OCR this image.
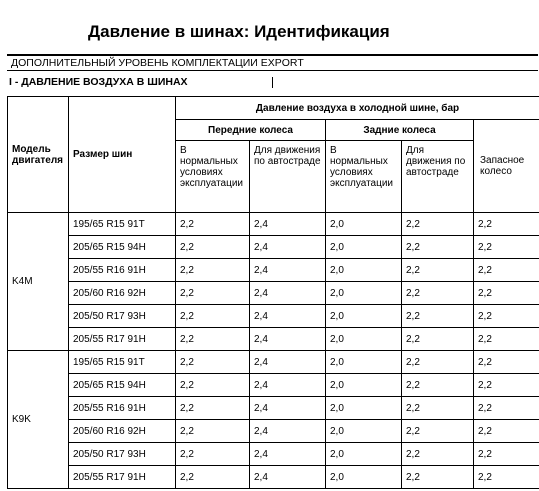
Давление в шинах: Идентификация
ДОПОЛНИТЕЛЬНЫЙ УРОВЕНЬ КОМПЛЕКТАЦИИ EXPORT
I - ДАВЛЕНИЕ ВОЗДУХА В ШИНАХ
Модель двигателя	Размер шин	Давление воздуха в холодной шине, бар				
		Передние колеса		Задние колеса		Запасное колесо
		В нормальных условиях эксплуатации	Для движения по автостраде	В нормальных условиях эксплуатации	Для движения по автостраде	
K4M	195/65 R15 91T	2,2	2,4	2,0	2,2	2,2
	205/65 R15 94H	2,2	2,4	2,0	2,2	2,2
	205/55 R16 91H	2,2	2,4	2,0	2,2	2,2
	205/60 R16 92H	2,2	2,4	2,0	2,2	2,2
	205/50 R17 93H	2,2	2,4	2,0	2,2	2,2
	205/55 R17 91H	2,2	2,4	2,0	2,2	2,2
K9K	195/65 R15 91T	2,2	2,4	2,0	2,2	2,2
	205/65 R15 94H	2,2	2,4	2,0	2,2	2,2
	205/55 R16 91H	2,2	2,4	2,0	2,2	2,2
	205/60 R16 92H	2,2	2,4	2,0	2,2	2,2
	205/50 R17 93H	2,2	2,4	2,0	2,2	2,2
	205/55 R17 91H	2,2	2,4	2,0	2,2	2,2
